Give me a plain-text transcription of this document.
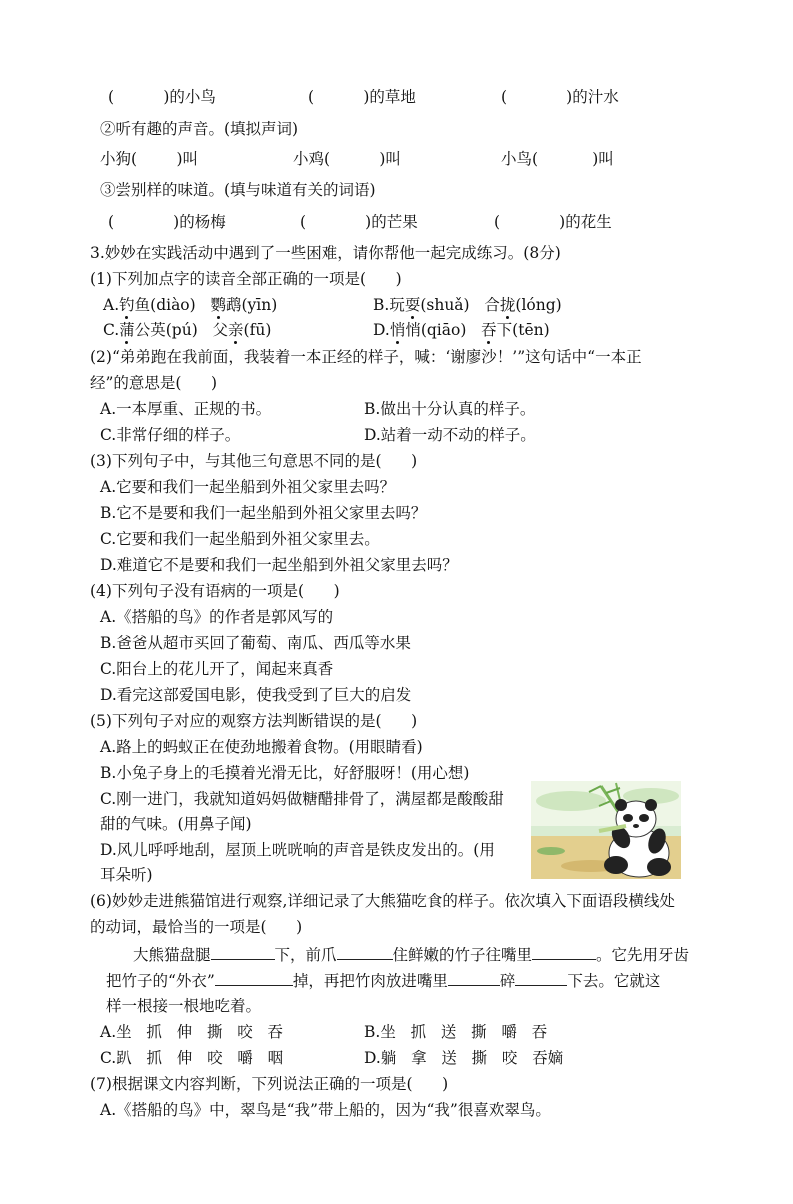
(          )的小鸟	(          )的草地	(            )的汁水
②听有趣的声音。(填拟声词)
小狗(        )叫	小鸡(          )叫	小鸟(           )叫
③尝别样的味道。(填与味道有关的词语)
(            )的杨梅	(            )的芒果	(            )的花生
3.妙妙在实践活动中遇到了一些困难，请你帮他一起完成练习。(8分)
(1)下列加点字的读音全部正确的一项是(      )
A.钓鱼(diào)   鹦鹉(yīn)	B.玩耍(shuǎ)   合拢(lóng)
C.蒲公英(pú)   父亲(fū)	D.悄悄(qiāo)   吞下(tēn)
(2)“弟弟跑在我前面，我装着一本正经的样子，喊：‘谢廖沙！’”这句话中“一本正
经”的意思是(      )
A.一本厚重、正规的书。	B.做出十分认真的样子。
C.非常仔细的样子。	D.站着一动不动的样子。
(3)下列句子中，与其他三句意思不同的是(      )
A.它要和我们一起坐船到外祖父家里去吗？
B.它不是要和我们一起坐船到外祖父家里去吗？
C.它要和我们一起坐船到外祖父家里去。
D.难道它不是要和我们一起坐船到外祖父家里去吗？
(4)下列句子没有语病的一项是(      )
A.《搭船的鸟》的作者是郭风写的
B.爸爸从超市买回了葡萄、南瓜、西瓜等水果
C.阳台上的花儿开了，闻起来真香
D.看完这部爱国电影，使我受到了巨大的启发
(5)下列句子对应的观察方法判断错误的是(      )
A.路上的蚂蚁正在使劲地搬着食物。(用眼睛看)
B.小兔子身上的毛摸着光滑无比，好舒服呀！(用心想)
C.刚一进门，我就知道妈妈做糖醋排骨了，满屋都是酸酸甜
甜的气味。(用鼻子闻)
D.风儿呼呼地刮，屋顶上咣咣响的声音是铁皮发出的。(用
耳朵听)
(6)妙妙走进熊猫馆进行观察,详细记录了大熊猫吃食的样子。依次填入下面语段横线处
的动词，最恰当的一项是(      )
大熊猫盘腿	下，前爪	住鲜嫩的竹子往嘴里	。它先用牙齿
把竹子的“外衣”	掉，再把竹肉放进嘴里	碎	下去。它就这
样一根接一根地吃着。
A.坐   抓   伸   撕   咬   吞	B.坐   抓   送   撕   嚼   吞
C.趴   抓   伸   咬   嚼   咽	D.躺   拿   送   撕   咬   吞嫡
(7)根据课文内容判断，下列说法正确的一项是(      )
A.《搭船的鸟》中，翠鸟是“我”带上船的，因为“我”很喜欢翠鸟。
